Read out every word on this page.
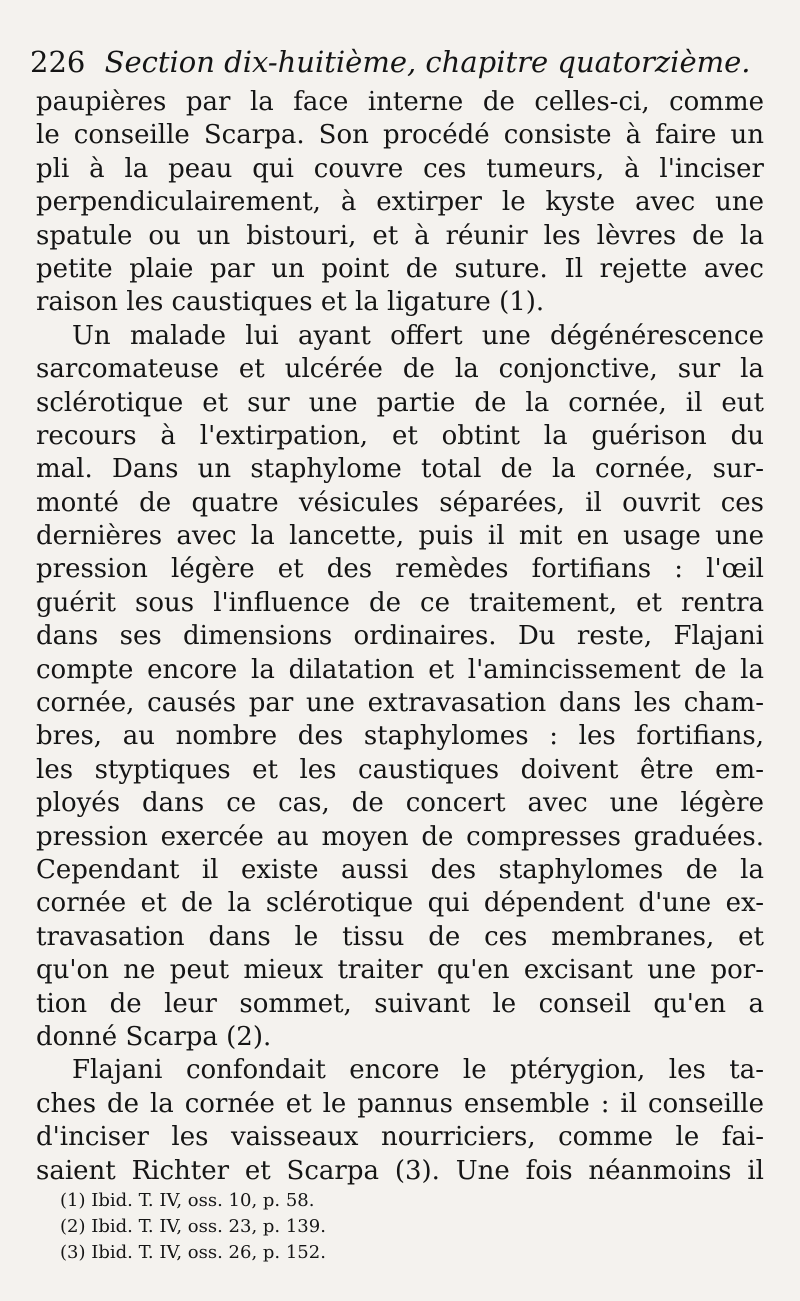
226 Section dix-huitième, chapitre quatorzième.
paupières par la face interne de celles-ci, comme
le conseille Scarpa. Son procédé consiste à faire un
pli à la peau qui couvre ces tumeurs, à l'inciser
perpendiculairement, à extirper le kyste avec une
spatule ou un bistouri, et à réunir les lèvres de la
petite plaie par un point de suture. Il rejette avec
raison les caustiques et la ligature (1).
Un malade lui ayant offert une dégénérescence
sarcomateuse et ulcérée de la conjonctive, sur la
sclérotique et sur une partie de la cornée, il eut
recours à l'extirpation, et obtint la guérison du
mal. Dans un staphylome total de la cornée, sur-
monté de quatre vésicules séparées, il ouvrit ces
dernières avec la lancette, puis il mit en usage une
pression légère et des remèdes fortifians : l'œil
guérit sous l'influence de ce traitement, et rentra
dans ses dimensions ordinaires. Du reste, Flajani
compte encore la dilatation et l'amincissement de la
cornée, causés par une extravasation dans les cham-
bres, au nombre des staphylomes : les fortifians,
les styptiques et les caustiques doivent être em-
ployés dans ce cas, de concert avec une légère
pression exercée au moyen de compresses graduées.
Cependant il existe aussi des staphylomes de la
cornée et de la sclérotique qui dépendent d'une ex-
travasation dans le tissu de ces membranes, et
qu'on ne peut mieux traiter qu'en excisant une por-
tion de leur sommet, suivant le conseil qu'en a
donné Scarpa (2).
Flajani confondait encore le ptérygion, les ta-
ches de la cornée et le pannus ensemble : il conseille
d'inciser les vaisseaux nourriciers, comme le fai-
saient Richter et Scarpa (3). Une fois néanmoins il
(1) Ibid. T. IV, oss. 10, p. 58.
(2) Ibid. T. IV, oss. 23, p. 139.
(3) Ibid. T. IV, oss. 26, p. 152.
